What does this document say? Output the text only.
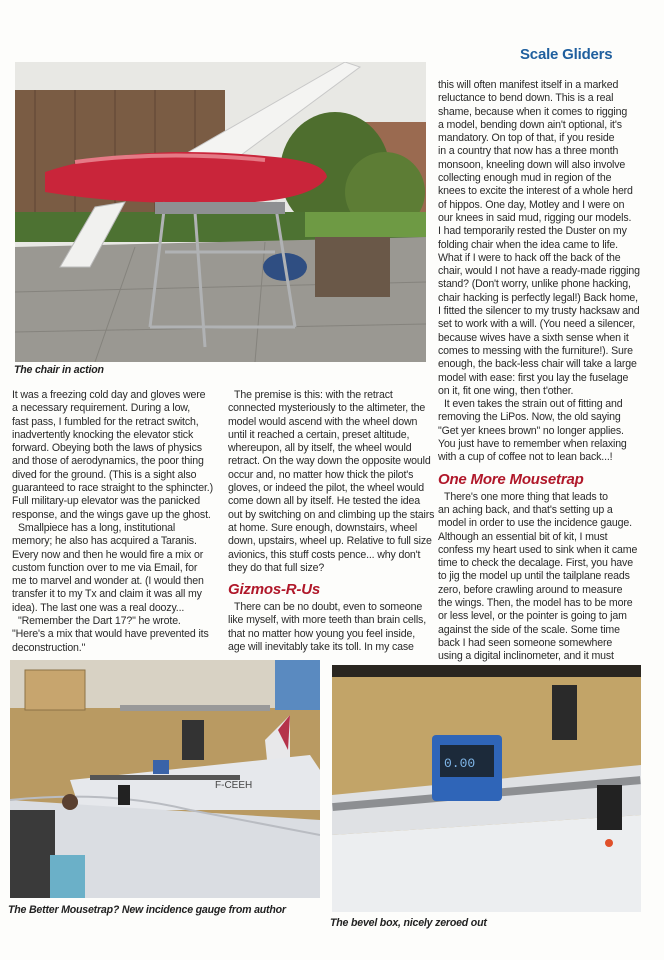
Scale Gliders
The chair in action
It was a freezing cold day and gloves were
a necessary requirement. During a low,
fast pass, I fumbled for the retract switch,
inadvertently knocking the elevator stick
forward. Obeying both the laws of physics
and those of aerodynamics, the poor thing
dived for the ground. (This is a sight also
guaranteed to race straight to the sphincter.)
Full military-up elevator was the panicked
response, and the wings gave up the ghost.
Smallpiece has a long, institutional
memory; he also has acquired a Taranis.
Every now and then he would fire a mix or
custom function over to me via Email, for
me to marvel and wonder at. (I would then
transfer it to my Tx and claim it was all my
idea). The last one was a real doozy...
"Remember the Dart 17?" he wrote.
"Here's a mix that would have prevented its
deconstruction."
The premise is this: with the retract
connected mysteriously to the altimeter, the
model would ascend with the wheel down
until it reached a certain, preset altitude,
whereupon, all by itself, the wheel would
retract. On the way down the opposite would
occur and, no matter how thick the pilot's
gloves, or indeed the pilot, the wheel would
come down all by itself. He tested the idea
out by switching on and climbing up the stairs
at home. Sure enough, downstairs, wheel
down, upstairs, wheel up. Relative to full size
avionics, this stuff costs pence... why don't
they do that full size?
Gizmos-R-Us
There can be no doubt, even to someone
like myself, with more teeth than brain cells,
that no matter how young you feel inside,
age will inevitably take its toll. In my case
this will often manifest itself in a marked
reluctance to bend down. This is a real
shame, because when it comes to rigging
a model, bending down ain't optional, it's
mandatory. On top of that, if you reside
in a country that now has a three month
monsoon, kneeling down will also involve
collecting enough mud in region of the
knees to excite the interest of a whole herd
of hippos. One day, Motley and I were on
our knees in said mud, rigging our models.
I had temporarily rested the Duster on my
folding chair when the idea came to life.
What if I were to hack off the back of the
chair, would I not have a ready-made rigging
stand? (Don't worry, unlike phone hacking,
chair hacking is perfectly legal!) Back home,
I fitted the silencer to my trusty hacksaw and
set to work with a will. (You need a silencer,
because wives have a sixth sense when it
comes to messing with the furniture!). Sure
enough, the back-less chair will take a large
model with ease: first you lay the fuselage
on it, fit one wing, then t'other.
It even takes the strain out of fitting and
removing the LiPos. Now, the old saying
"Get yer knees brown" no longer applies.
You just have to remember when relaxing
with a cup of coffee not to lean back...!
One More Mousetrap
There's one more thing that leads to
an aching back, and that's setting up a
model in order to use the incidence gauge.
Although an essential bit of kit, I must
confess my heart used to sink when it came
time to check the decalage. First, you have
to jig the model up until the tailplane reads
zero, before crawling around to measure
the wings. Then, the model has to be more
or less level, or the pointer is going to jam
against the side of the scale. Some time
back I had seen someone somewhere
using a digital inclinometer, and it must
F-CEEH
The Better Mousetrap? New incidence gauge from author
0.00
The bevel box, nicely zeroed out
